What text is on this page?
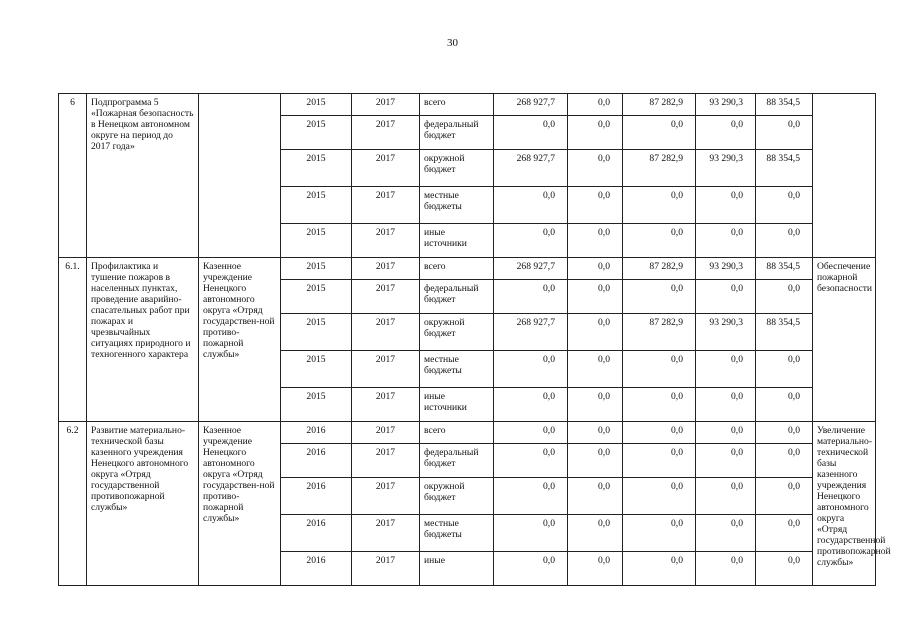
30
6	Подпрограмма 5 «Пожарная безопасность в Ненецком автономном округе на период до 2017 года»		2015	2017	всего	268 927,7	0,0	87 282,9	93 290,3	88 354,5	
			2015	2017	федеральный бюджет	0,0	0,0	0,0	0,0	0,0	
			2015	2017	окружной бюджет	268 927,7	0,0	87 282,9	93 290,3	88 354,5	
			2015	2017	местные бюджеты	0,0	0,0	0,0	0,0	0,0	
			2015	2017	иные источники	0,0	0,0	0,0	0,0	0,0	
6.1.	Профилактика и тушение пожаров в населенных пунктах, проведение аварийно-спасательных работ при пожарах и чрезвычайных ситуациях природного и техногенного характера	Казенное учреждение Ненецкого автономного округа «Отряд государствен-ной противо-пожарной службы»	2015	2017	всего	268 927,7	0,0	87 282,9	93 290,3	88 354,5	Обеспечение пожарной безопасности
			2015	2017	федеральный бюджет	0,0	0,0	0,0	0,0	0,0	
			2015	2017	окружной бюджет	268 927,7	0,0	87 282,9	93 290,3	88 354,5	
			2015	2017	местные бюджеты	0,0	0,0	0,0	0,0	0,0	
			2015	2017	иные источники	0,0	0,0	0,0	0,0	0,0	
6.2	Развитие материально-технической базы казенного учреждения Ненецкого автономного округа «Отряд государственной противопожарной службы»	Казенное учреждение Ненецкого автономного округа «Отряд государствен-ной противо-пожарной службы»	2016	2017	всего	0,0	0,0	0,0	0,0	0,0	Увеличение материально-технической базы казенного учреждения Ненецкого автономного округа «Отряд государственной противопожарной службы»
			2016	2017	федеральный бюджет	0,0	0,0	0,0	0,0	0,0	
			2016	2017	окружной бюджет	0,0	0,0	0,0	0,0	0,0	
			2016	2017	местные бюджеты	0,0	0,0	0,0	0,0	0,0	
			2016	2017	иные	0,0	0,0	0,0	0,0	0,0	
